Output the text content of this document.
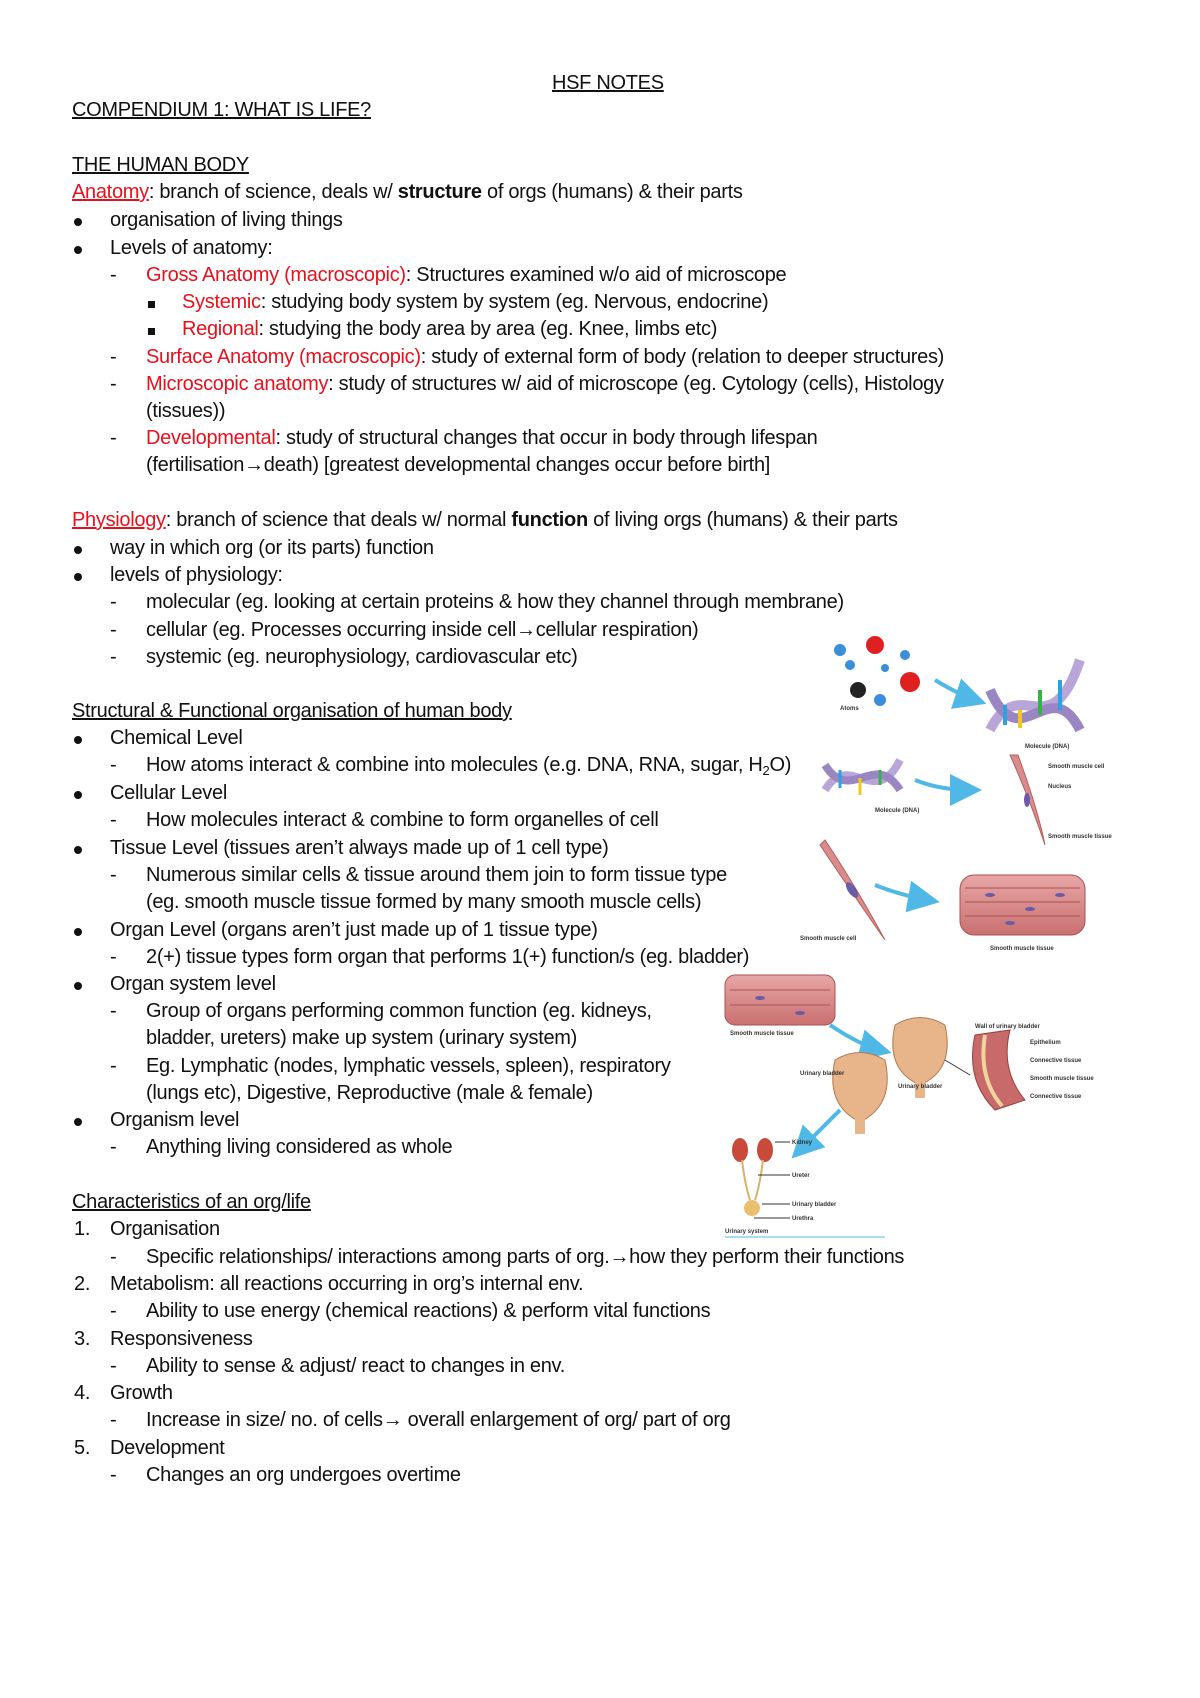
HSF NOTES
COMPENDIUM 1: WHAT IS LIFE?
THE HUMAN BODY
Anatomy: branch of science, deals w/ structure of orgs (humans) & their parts
organisation of living things
Levels of anatomy:
- Gross Anatomy (macroscopic): Structures examined w/o aid of microscope
Systemic: studying body system by system (eg. Nervous, endocrine)
Regional: studying the body area by area (eg. Knee, limbs etc)
- Surface Anatomy (macroscopic): study of external form of body (relation to deeper structures)
- Microscopic anatomy: study of structures w/ aid of microscope (eg. Cytology (cells), Histology
(tissues))
- Developmental: study of structural changes that occur in body through lifespan
(fertilisation→death) [greatest developmental changes occur before birth]
Physiology: branch of science that deals w/ normal function of living orgs (humans) & their parts
way in which org (or its parts) function
levels of physiology:
- molecular (eg. looking at certain proteins & how they channel through membrane)
- cellular (eg. Processes occurring inside cell→cellular respiration)
- systemic (eg. neurophysiology, cardiovascular etc)
Structural & Functional organisation of human body
Chemical Level
- How atoms interact & combine into molecules (e.g. DNA, RNA, sugar, $H_2O$)
Cellular Level
- How molecules interact & combine to form organelles of cell
Tissue Level (tissues aren’t always made up of 1 cell type)
- Numerous similar cells & tissue around them join to form tissue type
(eg. smooth muscle tissue formed by many smooth muscle cells)
Organ Level (organs aren’t just made up of 1 tissue type)
- 2(+) tissue types form organ that performs 1(+) function/s (eg. bladder)
Organ system level
- Group of organs performing common function (eg. kidneys,
bladder, ureters) make up system (urinary system)
- Eg. Lymphatic (nodes, lymphatic vessels, spleen), respiratory
(lungs etc), Digestive, Reproductive (male & female)
Organism level
- Anything living considered as whole
Characteristics of an org/life
1. Organisation
- Specific relationships/ interactions among parts of org.→how they perform their functions
2. Metabolism: all reactions occurring in org’s internal env.
- Ability to use energy (chemical reactions) & perform vital functions
3. Responsiveness
- Ability to sense & adjust/ react to changes in env.
4. Growth
- Increase in size/ no. of cells→ overall enlargement of org/ part of org
5. Development
- Changes an org undergoes overtime
Atoms
Molecule (DNA)
Molecule (DNA)
Smooth muscle cell
Nucleus
Smooth muscle tissue
Smooth muscle cell
Smooth muscle tissue
Smooth muscle tissue
Urinary bladder
Urinary bladder
Wall of urinary bladder
Epithelium
Connective tissue
Smooth muscle tissue
Connective tissue
Kidney
Ureter
Urinary bladder
Urethra
Urinary system
